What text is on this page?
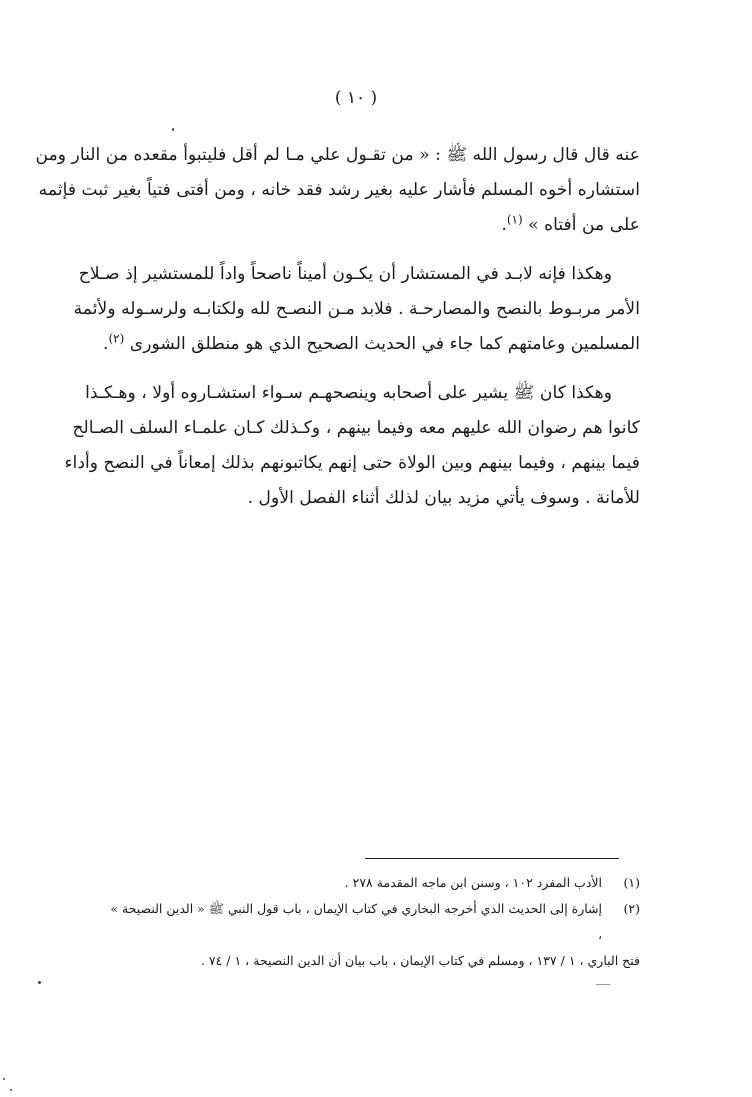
( ١٠ )
عنه قال قال رسول الله ﷺ : « من تقـول علي مـا لم أقل فليتبوأ مقعده من النار ومن
استشاره أخوه المسلم فأشار عليه بغير رشد فقد خانه ، ومن أفتى فتياً بغير ثبت فإثمه
على من أفتاه » $^{(١)}$.
وهكذا فإنه لابـد في المستشار أن يكـون أميناً ناصحاً واداً للمستشير إذ صـلاح
الأمر مربـوط بالنصح والمصارحـة . فلابد مـن النصـح لله ولكتابـه ولرسـوله ولأئمة
المسلمين وعامتهم كما جاء في الحديث الصحيح الذي هو منطلق الشورى $^{(٢)}$.
وهكذا كان ﷺ يشير على أصحابه وينصحهـم سـواء استشـاروه أولا ، وهـكـذا
كانوا هم رضوان الله عليهم معه وفيما بينهم ، وكـذلك كـان علمـاء السلف الصـالح
فيما بينهم ، وفيما بينهم وبين الولاة حتى إنهم يكاتبونهم بذلك إمعاناً في النصح وأداء
للأمانة . وسوف يأتي مزيد بيان لذلك أثناء الفصل الأول .
(١)
الأدب المفرد ١٠٢ ، وسنن ابن ماجه المقدمة ٢٧٨ .
(٢)
إشارة إلى الحديث الذي أخرجه البخاري في كتاب الإيمان ، باب قول النبي ﷺ « الدين النصيحة » ،
فتح الباري ، ١ / ١٣٧ ، ومسلم في كتاب الإيمان ، باب بيان أن الدين النصيحة ، ١ / ٧٤ .
